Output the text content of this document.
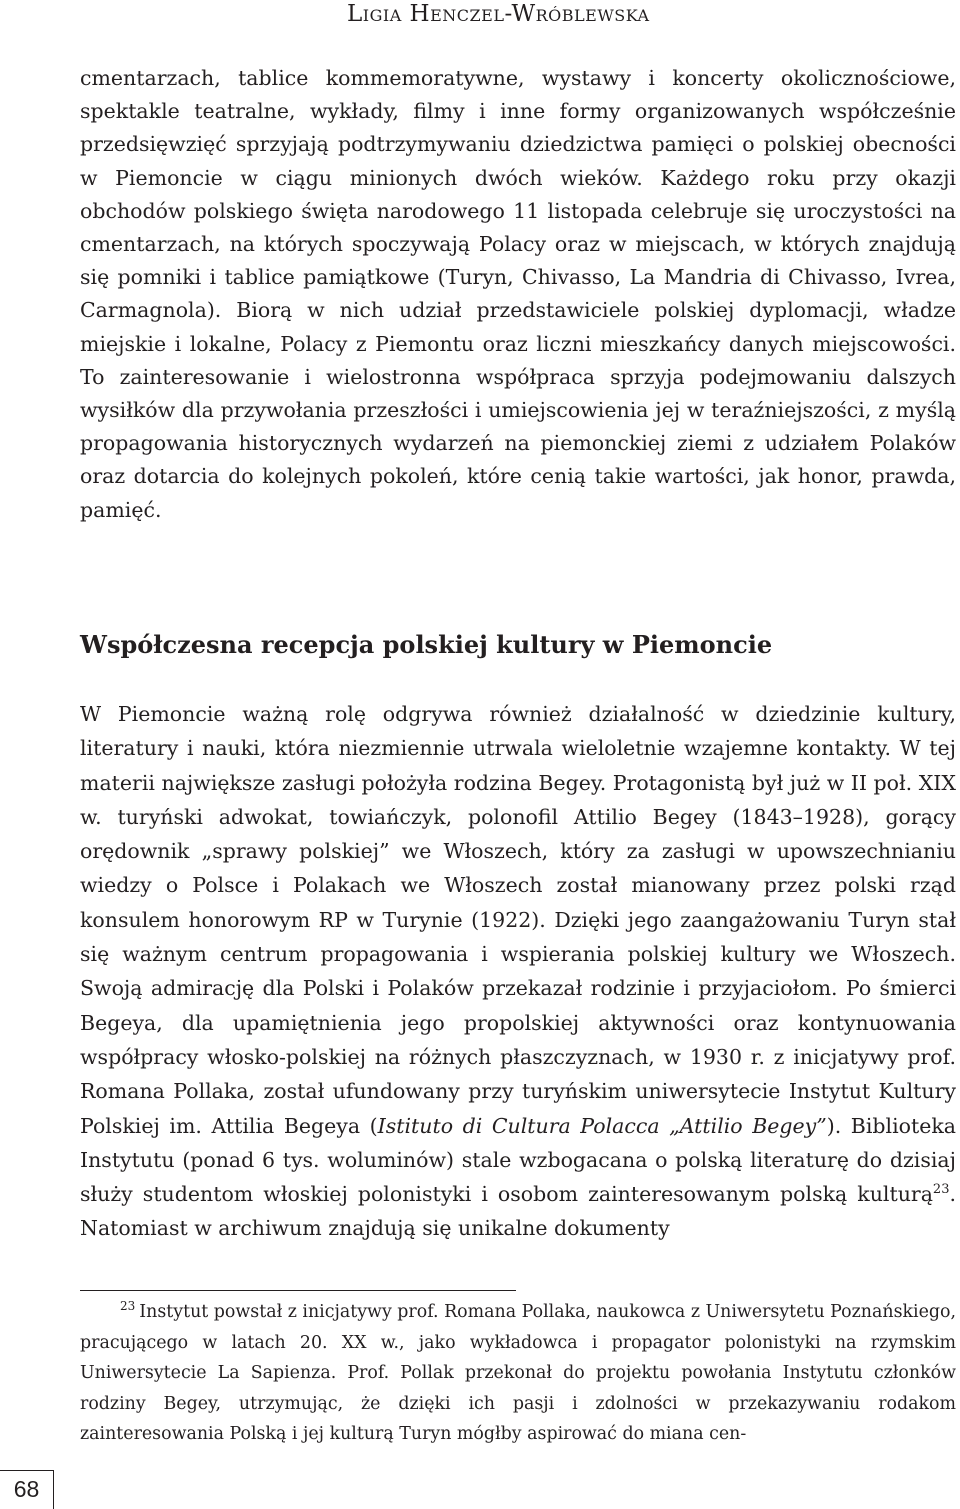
Ligia Henczel-Wróblewska

cmentarzach, tablice kommemoratywne, wystawy i koncerty okolicznościowe, spektakle teatralne, wykłady, filmy i inne formy organizowanych współcześnie przedsięwzięć sprzyjają podtrzymywaniu dziedzictwa pamięci o polskiej obecności w Piemoncie w ciągu minionych dwóch wieków. Każdego roku przy okazji obchodów polskiego święta narodowego 11 listopada celebruje się uroczystości na cmentarzach, na których spoczywają Polacy oraz w miejscach, w których znajdują się pomniki i tablice pamiątkowe (Turyn, Chivasso, La Mandria di Chivasso, Ivrea, Carmagnola). Biorą w nich udział przedstawiciele polskiej dyplomacji, władze miejskie i lokalne, Polacy z Piemontu oraz liczni mieszkańcy danych miejscowości. To zainteresowanie i wielostronna współpraca sprzyja podejmowaniu dalszych wysiłków dla przywołania przeszłości i umiejscowienia jej w teraźniejszości, z myślą propagowania historycznych wydarzeń na piemonckiej ziemi z udziałem Polaków oraz dotarcia do kolejnych pokoleń, które cenią takie wartości, jak honor, prawda, pamięć.

Współczesna recepcja polskiej kultury w Piemoncie

W Piemoncie ważną rolę odgrywa również działalność w dziedzinie kultury, literatury i nauki, która niezmiennie utrwala wieloletnie wzajemne kontakty. W tej materii największe zasługi położyła rodzina Begey. Protagonistą był już w II poł. XIX w. turyński adwokat, towiańczyk, polonofil Attilio Begey (1843–1928), gorący orędownik „sprawy polskiej” we Włoszech, który za zasługi w upowszechnianiu wiedzy o Polsce i Polakach we Włoszech został mianowany przez polski rząd konsulem honorowym RP w Turynie (1922). Dzięki jego zaangażowaniu Turyn stał się ważnym centrum propagowania i wspierania polskiej kultury we Włoszech. Swoją admirację dla Polski i Polaków przekazał rodzinie i przyjaciołom. Po śmierci Begeya, dla upamiętnienia jego propolskiej aktywności oraz kontynuowania współpracy włosko-polskiej na różnych płaszczyznach, w 1930 r. z inicjatywy prof. Romana Pollaka, został ufundowany przy turyńskim uniwersytecie Instytut Kultury Polskiej im. Attilia Begeya (Istituto di Cultura Polacca „Attilio Begey”). Biblioteka Instytutu (ponad 6 tys. woluminów) stale wzbogacana o polską literaturę do dzisiaj służy studentom włoskiej polonistyki i osobom zainteresowanym polską kulturą$^{23}$. Natomiast w archiwum znajdują się unikalne dokumenty

$^{23}$ Instytut powstał z inicjatywy prof. Romana Pollaka, naukowca z Uniwersytetu Poznańskiego, pracującego w latach 20. XX w., jako wykładowca i propagator polonistyki na rzymskim Uniwersytecie La Sapienza. Prof. Pollak przekonał do projektu powołania Instytutu członków rodziny Begey, utrzymując, że dzięki ich pasji i zdolności w przekazywaniu rodakom zainteresowania Polską i jej kulturą Turyn mógłby aspirować do miana cen-

68
